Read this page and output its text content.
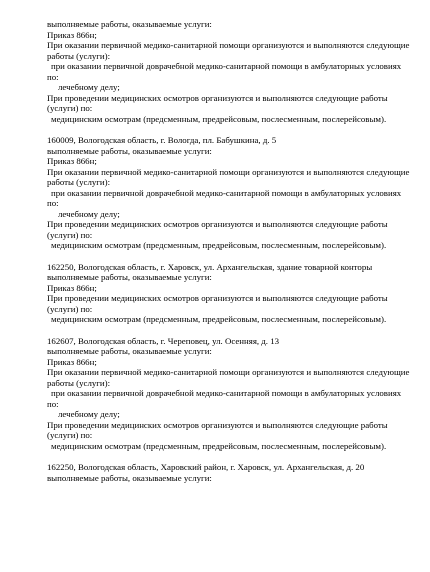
выполняемые работы, оказываемые услуги:
Приказ 866н;
При оказании первичной медико-санитарной помощи организуются и выполняются следующие
работы (услуги):
при оказании первичной доврачебной медико-санитарной помощи в амбулаторных условиях
по:
лечебному делу;
При проведении медицинских осмотров организуются и выполняются следующие работы
(услуги) по:
медицинским осмотрам (предсменным, предрейсовым, послесменным, послерейсовым).
160009, Вологодская область, г. Вологда, пл. Бабушкина, д. 5
выполняемые работы, оказываемые услуги:
Приказ 866н;
При оказании первичной медико-санитарной помощи организуются и выполняются следующие
работы (услуги):
при оказании первичной доврачебной медико-санитарной помощи в амбулаторных условиях
по:
лечебному делу;
При проведении медицинских осмотров организуются и выполняются следующие работы
(услуги) по:
медицинским осмотрам (предсменным, предрейсовым, послесменным, послерейсовым).
162250, Вологодская область, г. Харовск, ул. Архангельская, здание товарной конторы
выполняемые работы, оказываемые услуги:
Приказ 866н;
При проведении медицинских осмотров организуются и выполняются следующие работы
(услуги) по:
медицинским осмотрам (предсменным, предрейсовым, послесменным, послерейсовым).
162607, Вологодская область, г. Череповец, ул. Осенняя, д. 13
выполняемые работы, оказываемые услуги:
Приказ 866н;
При оказании первичной медико-санитарной помощи организуются и выполняются следующие
работы (услуги):
при оказании первичной доврачебной медико-санитарной помощи в амбулаторных условиях
по:
лечебному делу;
При проведении медицинских осмотров организуются и выполняются следующие работы
(услуги) по:
медицинским осмотрам (предсменным, предрейсовым, послесменным, послерейсовым).
162250, Вологодская область, Харовский район, г. Харовск, ул. Архангельская, д. 20
выполняемые работы, оказываемые услуги:
